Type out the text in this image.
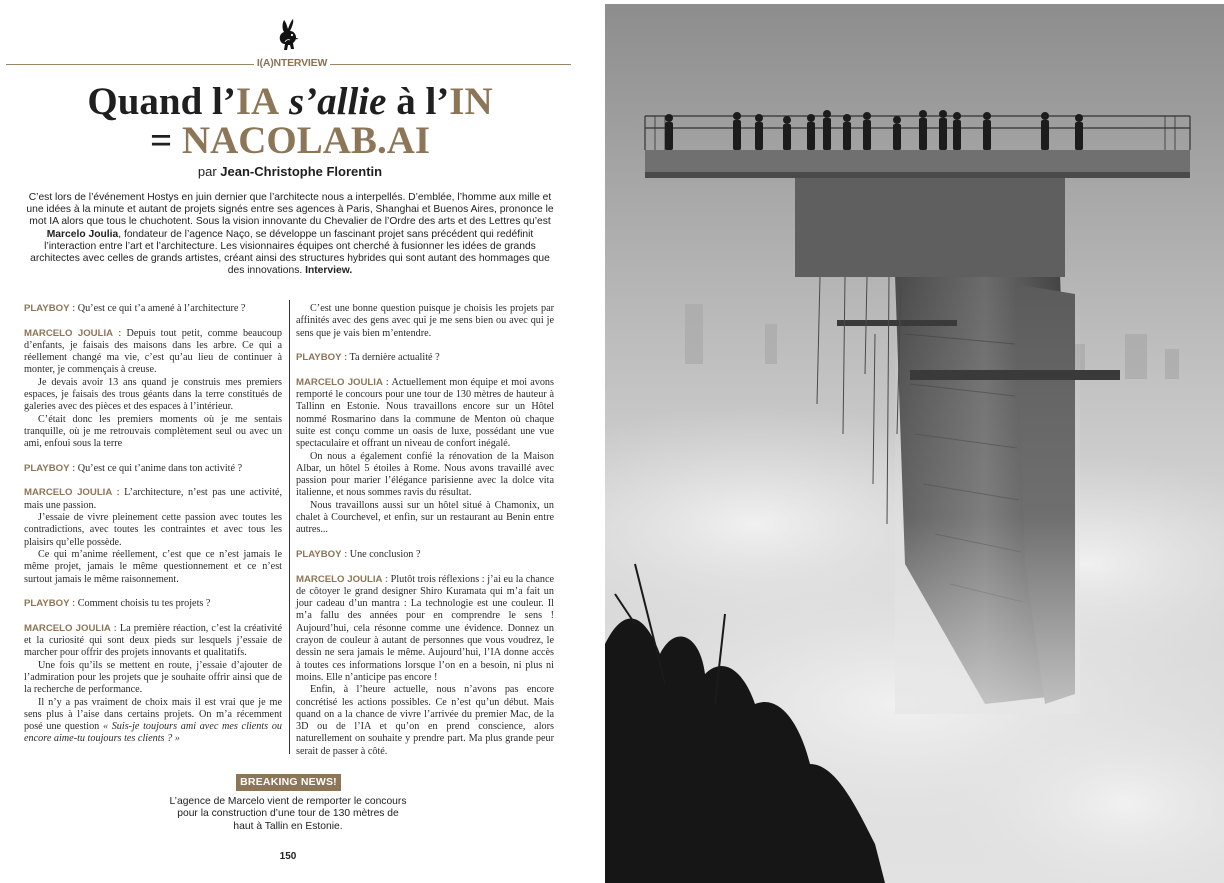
I(A)NTERVIEW
Quand l’IA s’allie à l’IN
= NACOLAB.AI
par Jean-Christophe Florentin
C’est lors de l’événement Hostys en juin dernier que l’architecte nous a interpellés. D’emblée, l’homme aux mille et une idées à la minute et autant de projets signés entre ses agences à Paris, Shanghai et Buenos Aires, prononce le mot IA alors que tous le chuchotent. Sous la vision innovante du Chevalier de l’Ordre des arts et des Lettres qu’est Marcelo Joulia, fondateur de l’agence Naço, se développe un fascinant projet sans précédent qui redéfinit l’interaction entre l’art et l’architecture. Les visionnaires équipes ont cherché à fusionner les idées de grands architectes avec celles de grands artistes, créant ainsi des structures hybrides qui sont autant des hommages que des innovations. Interview.

PLAYBOY : Qu’est ce qui t’a amené à l’architecture ?

MARCELO JOULIA : Depuis tout petit, comme beaucoup d’enfants, je faisais des maisons dans les arbre. Ce qui a réellement changé ma vie, c’est qu’au lieu de continuer à monter, je commençais à creuse.

Je devais avoir 13 ans quand je construis mes premiers espaces, je faisais des trous géants dans la terre constitués de galeries avec des pièces et des espaces à l’intérieur.

C’était donc les premiers moments où je me sentais tranquille, où je me retrouvais complètement seul ou avec un ami, enfoui sous la terre

PLAYBOY : Qu’est ce qui t’anime dans ton activité ?

MARCELO JOULIA : L’architecture, n’est pas une activité, mais une passion.

J’essaie de vivre pleinement cette passion avec toutes les contradictions, avec toutes les contraintes et avec tous les plaisirs qu’elle possède.

Ce qui m’anime réellement, c’est que ce n’est jamais le même projet, jamais le même questionnement et ce n’est surtout jamais le même raisonnement.

PLAYBOY : Comment choisis tu tes projets ?

MARCELO JOULIA : La première réaction, c’est la créativité et la curiosité qui sont deux pieds sur lesquels j’essaie de marcher pour offrir des projets innovants et qualitatifs.

Une fois qu’ils se mettent en route, j’essaie d’ajouter de l’admiration pour les projets que je souhaite offrir ainsi que de la recherche de performance.

Il n’y a pas vraiment de choix mais il est vrai que je me sens plus à l’aise dans certains projets. On m’a récemment posé une question « Suis-je toujours ami avec mes clients ou encore aime-tu toujours tes clients ? »

C’est une bonne question puisque je choisis les projets par affinités avec des gens avec qui je me sens bien ou avec qui je sens que je vais bien m’entendre.

PLAYBOY : Ta dernière actualité ?

MARCELO JOULIA : Actuellement mon équipe et moi avons remporté le concours pour une tour de 130 mètres de hauteur à Tallinn en Estonie. Nous travaillons encore sur un Hôtel nommé Rosmarino dans la commune de Menton où chaque suite est conçu comme un oasis de luxe, possédant une vue spectaculaire et offrant un niveau de confort inégalé.

On nous a également confié la rénovation de la Maison Albar, un hôtel 5 étoiles à Rome. Nous avons travaillé avec passion pour marier l’élégance parisienne avec la dolce vita italienne, et nous sommes ravis du résultat.

Nous travaillons aussi sur un hôtel situé à Chamonix, un chalet à Courchevel, et enfin, sur un restaurant au Benin entre autres...

PLAYBOY : Une conclusion ?

MARCELO JOULIA : Plutôt trois réflexions : j’ai eu la chance de côtoyer le grand designer Shiro Kuramata qui m’a fait un jour cadeau d’un mantra : La technologie est une couleur. Il m’a fallu des années pour en comprendre le sens ! Aujourd’hui, cela résonne comme une évidence. Donnez un crayon de couleur à autant de personnes que vous voudrez, le dessin ne sera jamais le même. Aujourd’hui, l’IA donne accès à toutes ces informations lorsque l’on en a besoin, ni plus ni moins. Elle n’anticipe pas encore !

Enfin, à l’heure actuelle, nous n’avons pas encore concrétisé les actions possibles. Ce n’est qu’un début. Mais quand on a la chance de vivre l’arrivée du premier Mac, de la 3D ou de l’IA et qu’on en prend conscience, alors naturellement on souhaite y prendre part. Ma plus grande peur serait de passer à côté.

BREAKING NEWS!
L’agence de Marcelo vient de remporter le concours pour la construction d’une tour de 130 mètres de haut à Tallin en Estonie.
150
